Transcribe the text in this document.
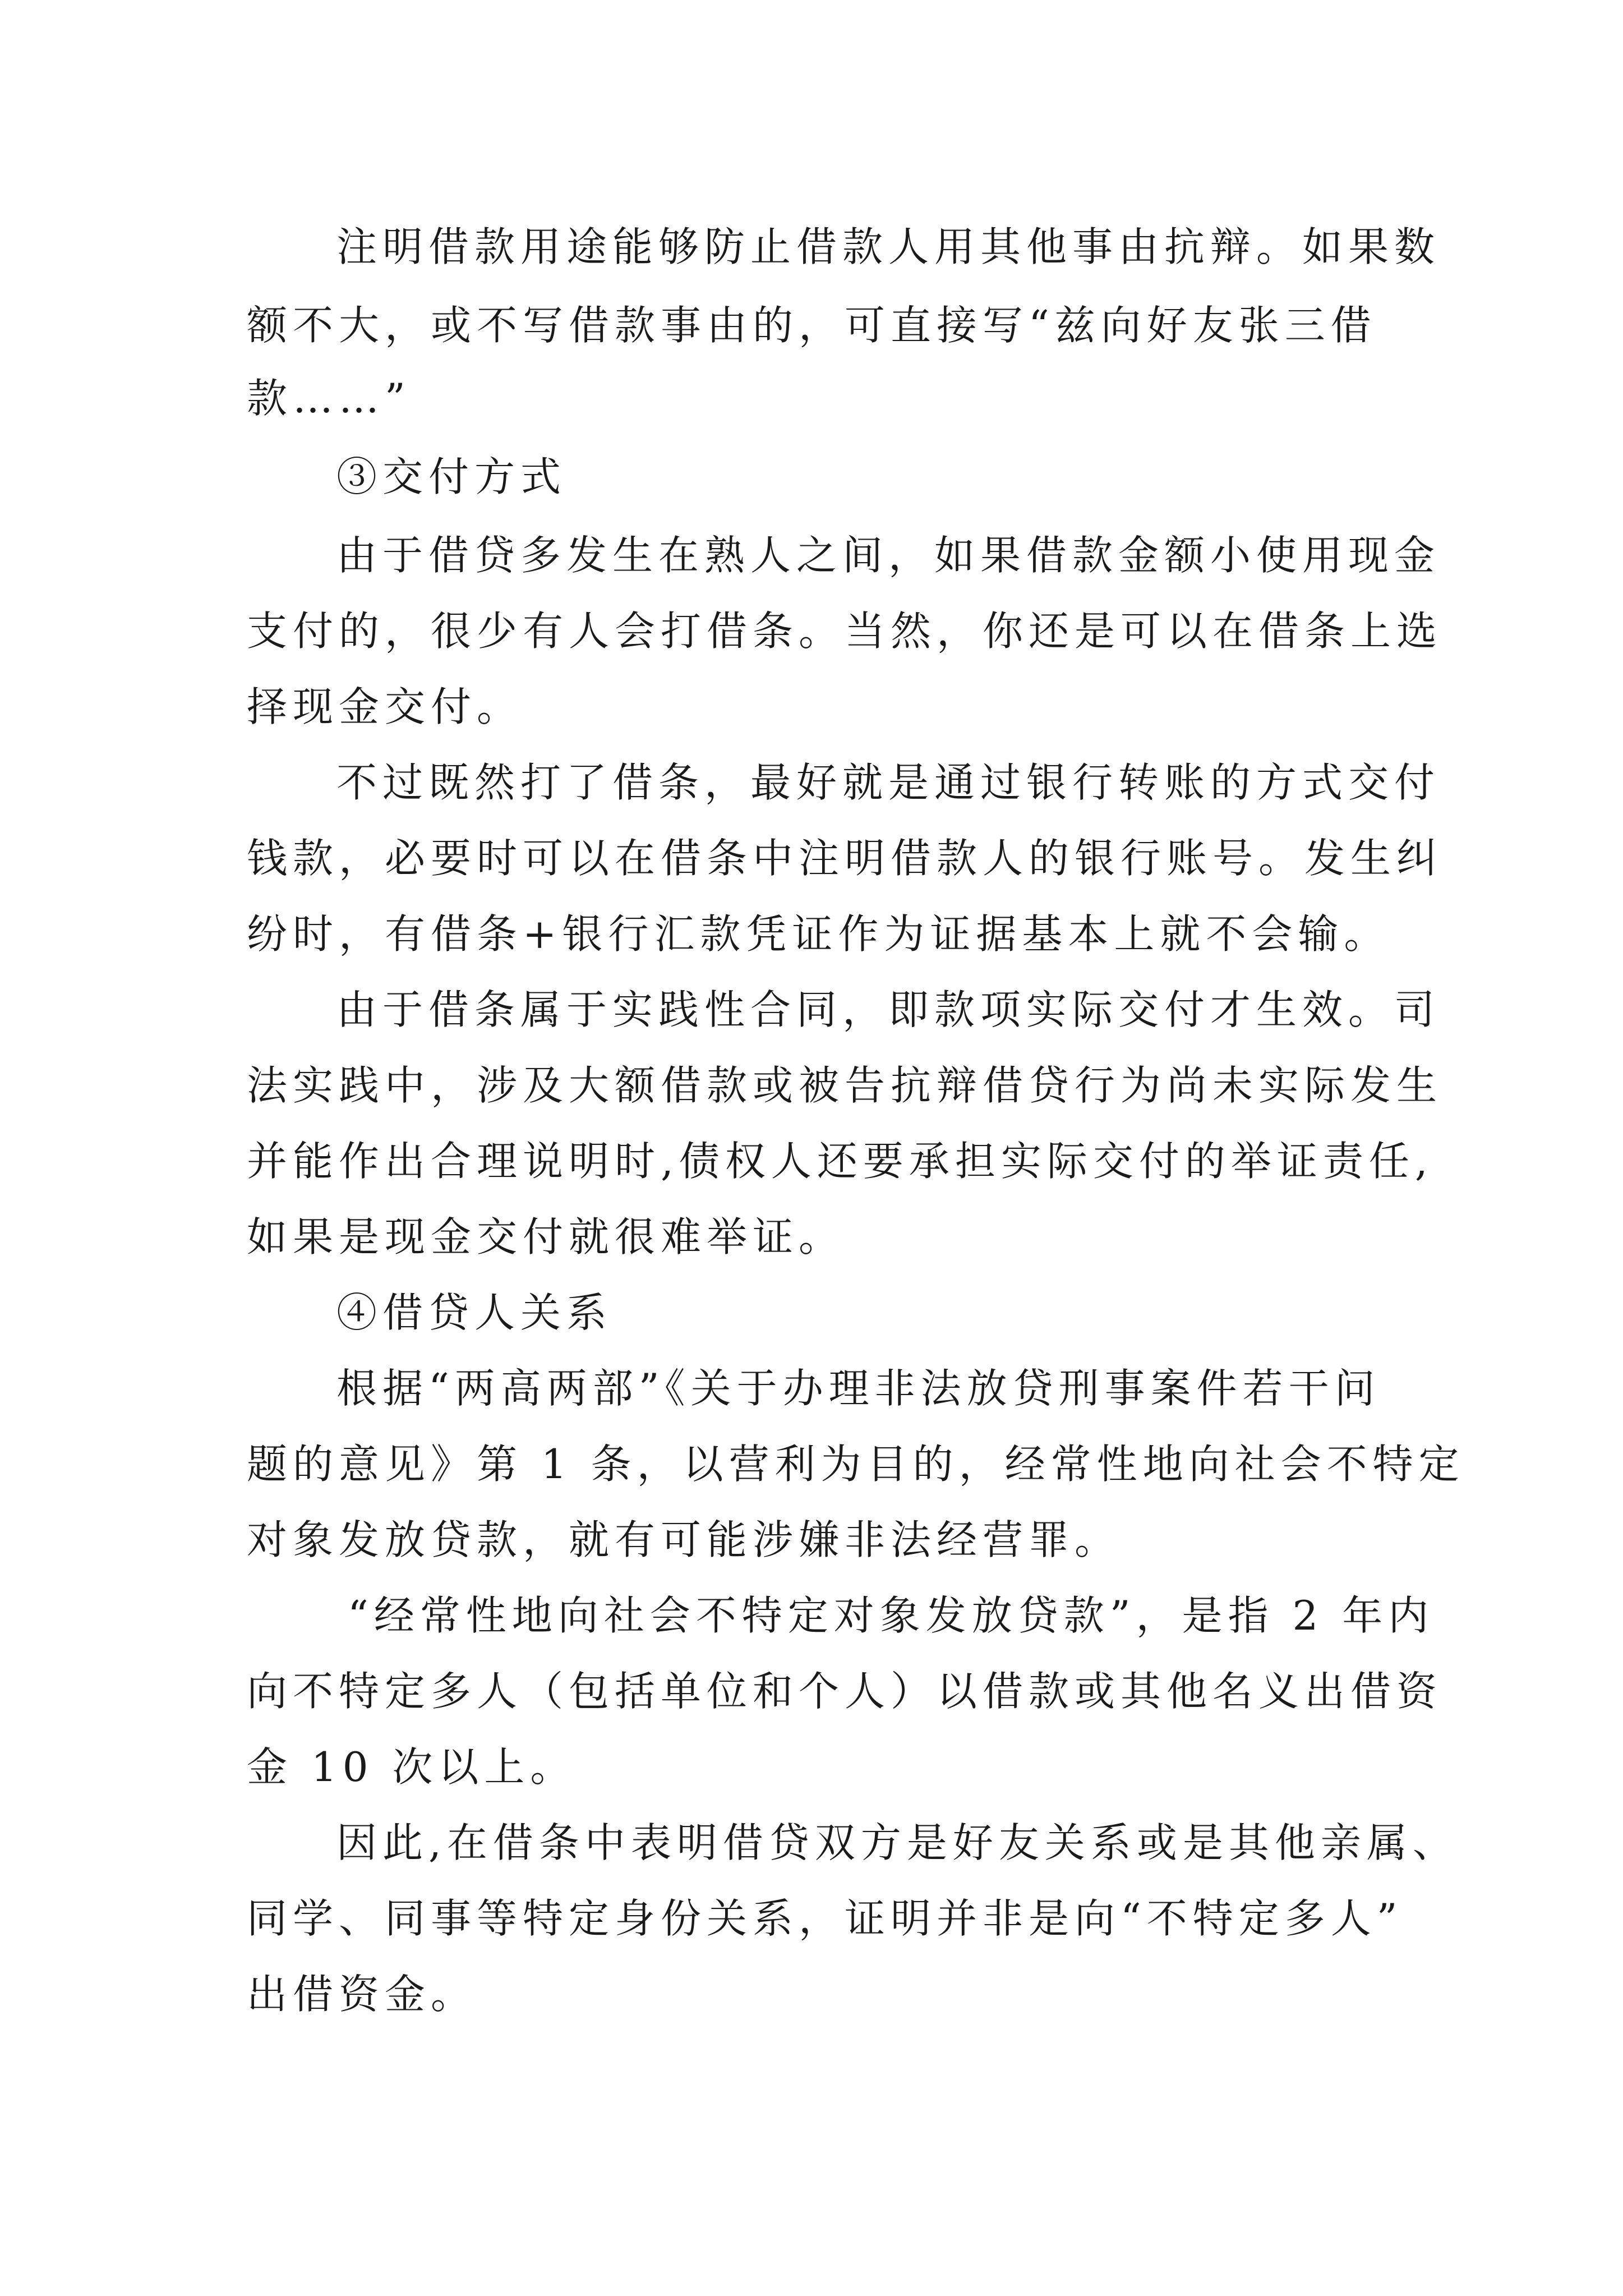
注明借款用途能够防止借款人用其他事由抗辩。如果数
额不大，或不写借款事由的，可直接写“兹向好友张三借
款……”
③交付方式
由于借贷多发生在熟人之间，如果借款金额小使用现金
支付的，很少有人会打借条。当然，你还是可以在借条上选
择现金交付。
不过既然打了借条，最好就是通过银行转账的方式交付
钱款，必要时可以在借条中注明借款人的银行账号。发生纠
纷时，有借条+银行汇款凭证作为证据基本上就不会输。
由于借条属于实践性合同，即款项实际交付才生效。司
法实践中，涉及大额借款或被告抗辩借贷行为尚未实际发生
并能作出合理说明时,债权人还要承担实际交付的举证责任,
如果是现金交付就很难举证。
④借贷人关系
根据“两高两部”《关于办理非法放贷刑事案件若干问
题的意见》第 1 条，以营利为目的，经常性地向社会不特定
对象发放贷款，就有可能涉嫌非法经营罪。
“经常性地向社会不特定对象发放贷款”，是指 2 年内
向不特定多人（包括单位和个人）以借款或其他名义出借资
金 10 次以上。
因此,在借条中表明借贷双方是好友关系或是其他亲属、
同学、同事等特定身份关系，证明并非是向“不特定多人”
出借资金。
